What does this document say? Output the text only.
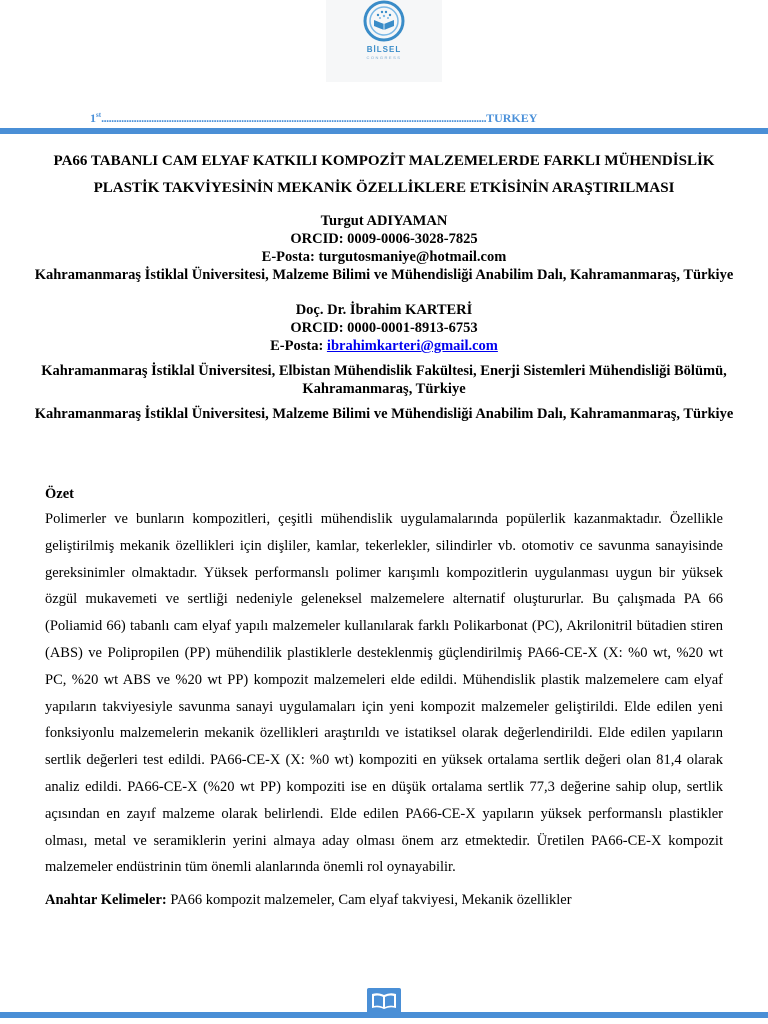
BİLSEL
CONGRESS
1st..........................................................................................................................................................TURKEY
PA66 TABANLI CAM ELYAF KATKILI KOMPOZİT MALZEMELERDE FARKLI MÜHENDİSLİK
PLASTİK TAKVİYESİNİN MEKANİK ÖZELLİKLERE ETKİSİNİN ARAŞTIRILMASI

Turgut ADIYAMAN

ORCID: 0009-0006-3028-7825

E-Posta: turgutosmaniye@hotmail.com

Kahramanmaraş İstiklal Üniversitesi, Malzeme Bilimi ve Mühendisliği Anabilim Dalı, Kahramanmaraş, Türkiye

Doç. Dr. İbrahim KARTERİ

ORCID: 0000-0001-8913-6753

E-Posta: ibrahimkarteri@gmail.com

Kahramanmaraş İstiklal Üniversitesi, Elbistan Mühendislik Fakültesi, Enerji Sistemleri Mühendisliği Bölümü, Kahramanmaraş, Türkiye

Kahramanmaraş İstiklal Üniversitesi, Malzeme Bilimi ve Mühendisliği Anabilim Dalı, Kahramanmaraş, Türkiye

Özet

Polimerler ve bunların kompozitleri, çeşitli mühendislik uygulamalarında popülerlik kazanmaktadır. Özellikle geliştirilmiş mekanik özellikleri için dişliler, kamlar, tekerlekler, silindirler vb. otomotiv ce savunma sanayisinde gereksinimler olmaktadır. Yüksek performanslı polimer karışımlı kompozitlerin uygulanması uygun bir yüksek özgül mukavemeti ve sertliği nedeniyle geleneksel malzemelere alternatif oluştururlar. Bu çalışmada PA 66 (Poliamid 66) tabanlı cam elyaf yapılı malzemeler kullanılarak farklı Polikarbonat (PC), Akrilonitril bütadien stiren (ABS) ve Polipropilen (PP) mühendilik plastiklerle desteklenmiş güçlendirilmiş PA66-CE-X (X: %0 wt, %20 wt PC, %20 wt ABS ve %20 wt PP) kompozit malzemeleri elde edildi. Mühendislik plastik malzemelere cam elyaf yapıların takviyesiyle savunma sanayi uygulamaları için yeni kompozit malzemeler geliştirildi. Elde edilen yeni fonksiyonlu malzemelerin mekanik özellikleri araştırıldı ve istatiksel olarak değerlendirildi. Elde edilen yapıların sertlik değerleri test edildi. PA66-CE-X (X: %0 wt) kompoziti en yüksek ortalama sertlik değeri olan 81,4 olarak analiz edildi. PA66-CE-X (%20 wt PP) kompoziti ise en düşük ortalama sertlik 77,3 değerine sahip olup, sertlik açısından en zayıf malzeme olarak belirlendi. Elde edilen PA66-CE-X yapıların yüksek performanslı plastikler olması, metal ve seramiklerin yerini almaya aday olması önem arz etmektedir. Üretilen PA66-CE-X kompozit malzemeler endüstrinin tüm önemli alanlarında önemli rol oynayabilir.

Anahtar Kelimeler: PA66 kompozit malzemeler, Cam elyaf takviyesi, Mekanik özellikler
